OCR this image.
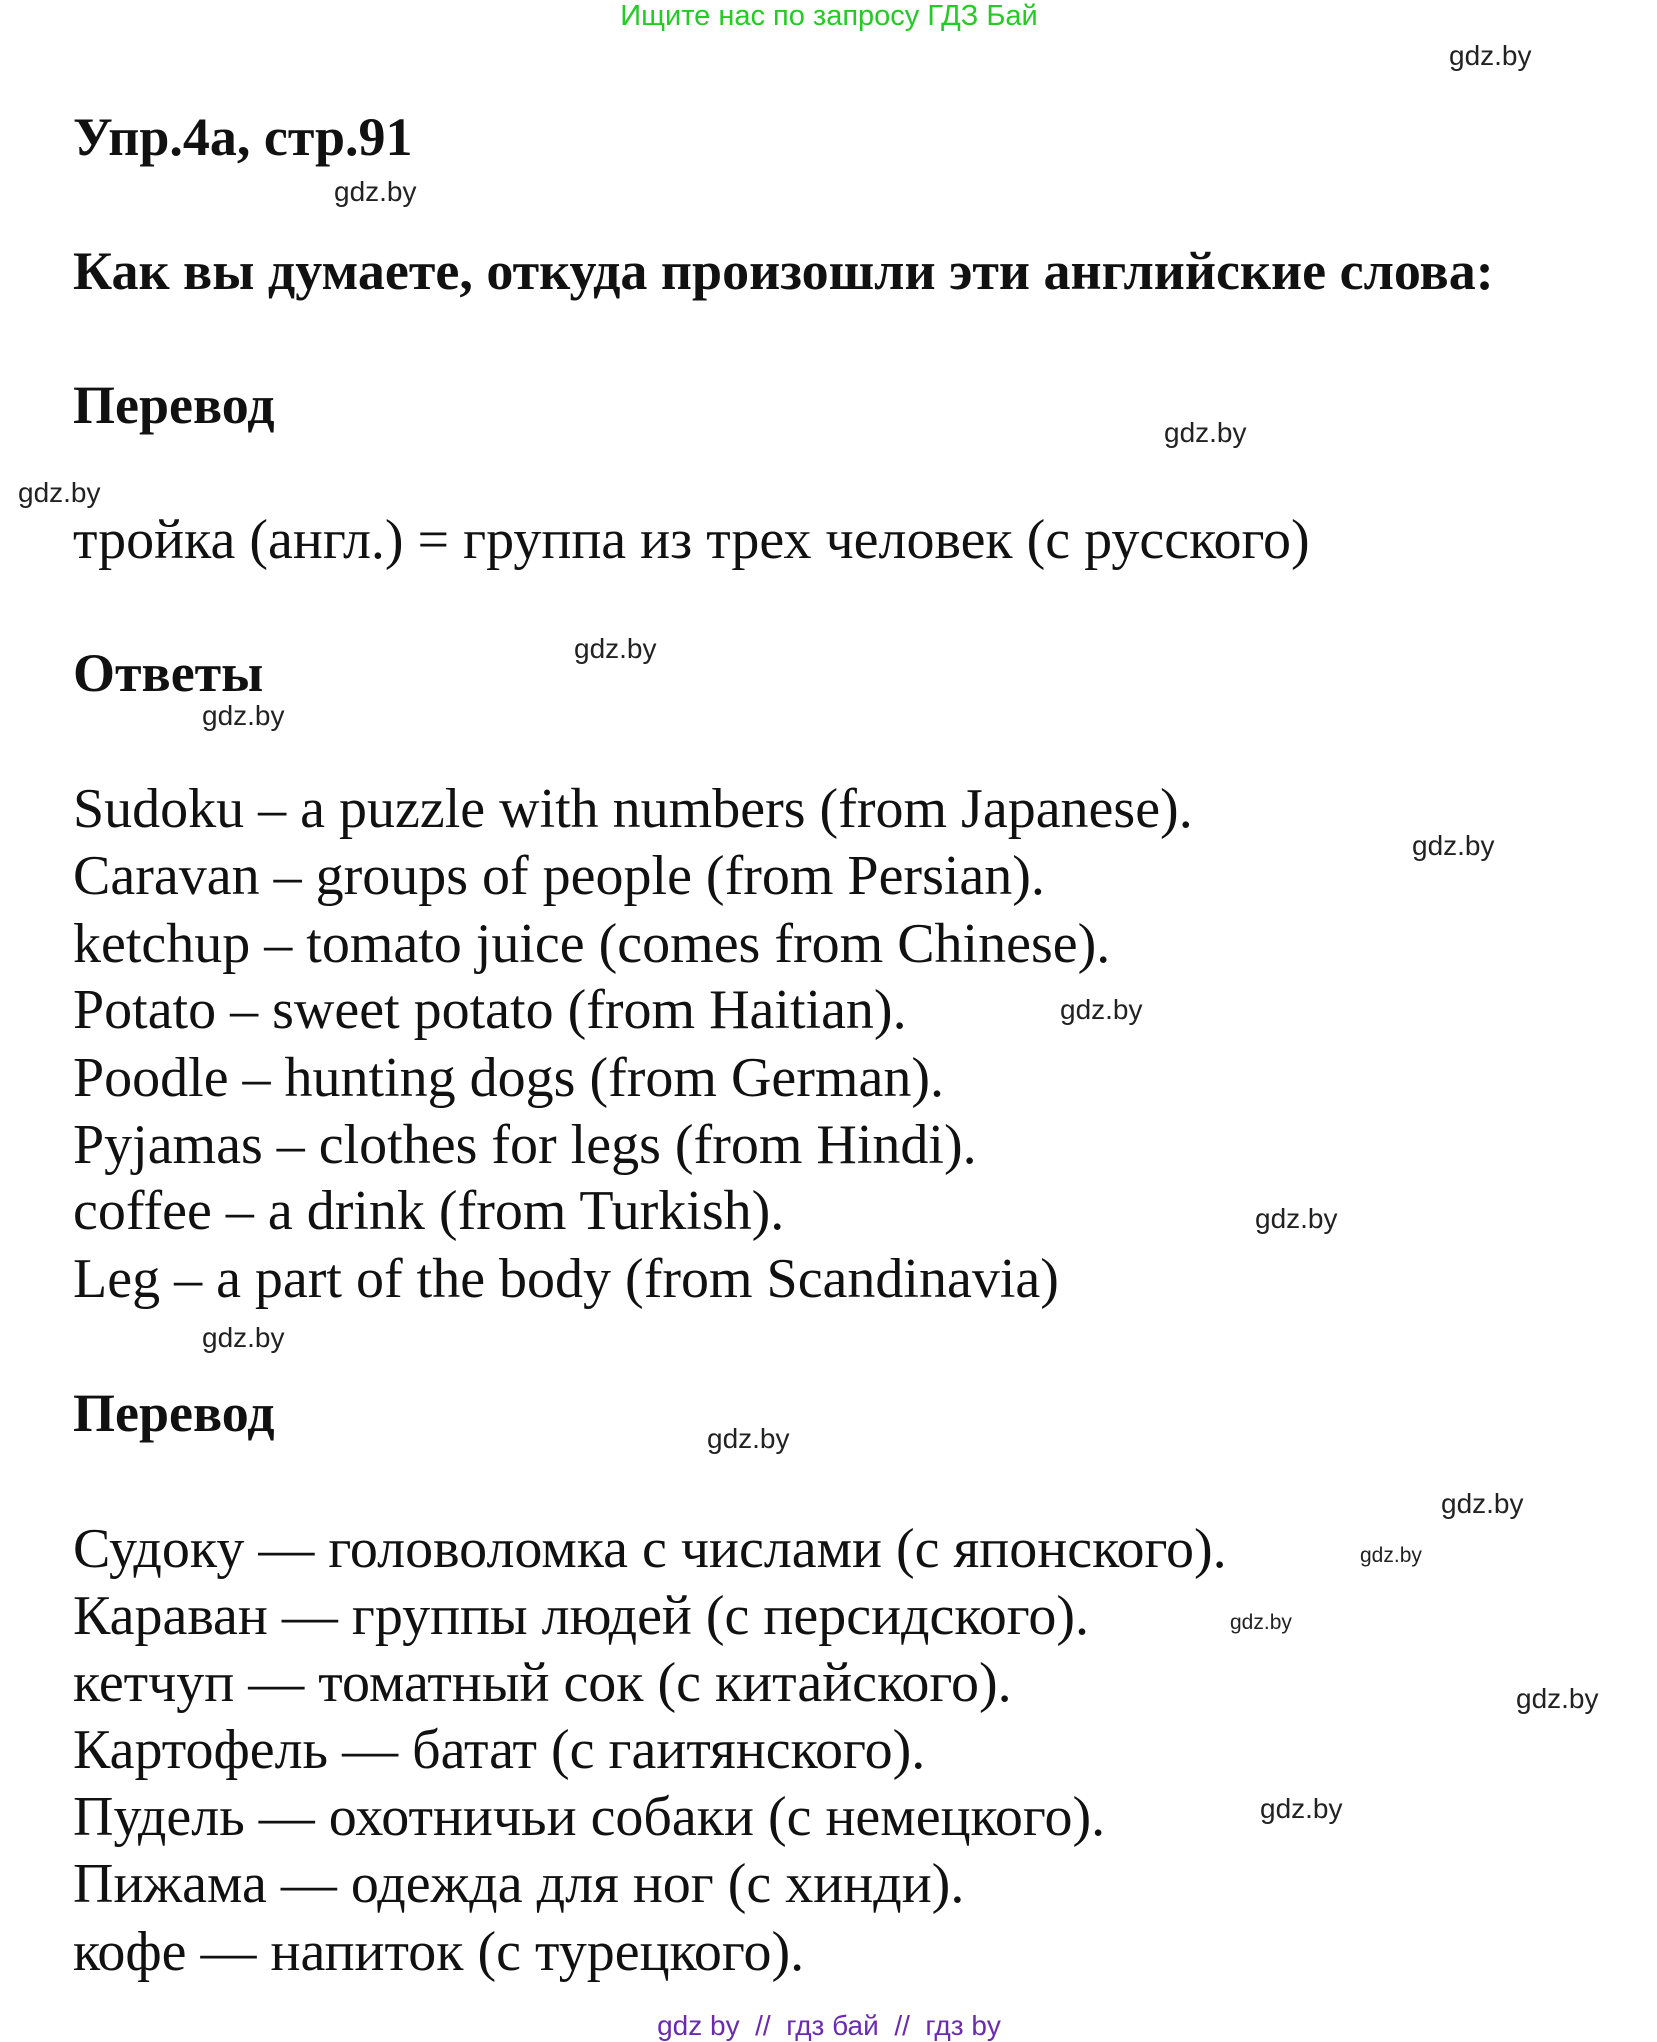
Ищите нас по запросу ГДЗ Бай
Упр.4а, стр.91
Как вы думаете, откуда произошли эти английские слова:
Перевод
тройка (англ.) = группа из трех человек (с русского)
Ответы
Sudoku – a puzzle with numbers (from Japanese).
Caravan – groups of people (from Persian).
ketchup – tomato juice (comes from Chinese).
Potato – sweet potato (from Haitian).
Poodle – hunting dogs (from German).
Pyjamas – clothes for legs (from Hindi).
coffee – a drink (from Turkish).
Leg – a part of the body (from Scandinavia)
Перевод
Судоку — головоломка с числами (с японского).
Караван — группы людей (с персидского).
кетчуп — томатный сок (с китайского).
Картофель — батат (с гаитянского).
Пудель — охотничьи собаки (с немецкого).
Пижама — одежда для ног (с хинди).
кофе — напиток (с турецкого).
gdz.by
gdz.by
gdz.by
gdz.by
gdz.by
gdz.by
gdz.by
gdz.by
gdz.by
gdz.by
gdz.by
gdz.by
gdz.by
gdz.by
gdz.by
gdz.by
gdz by  //  гдз бай  //  гдз by
